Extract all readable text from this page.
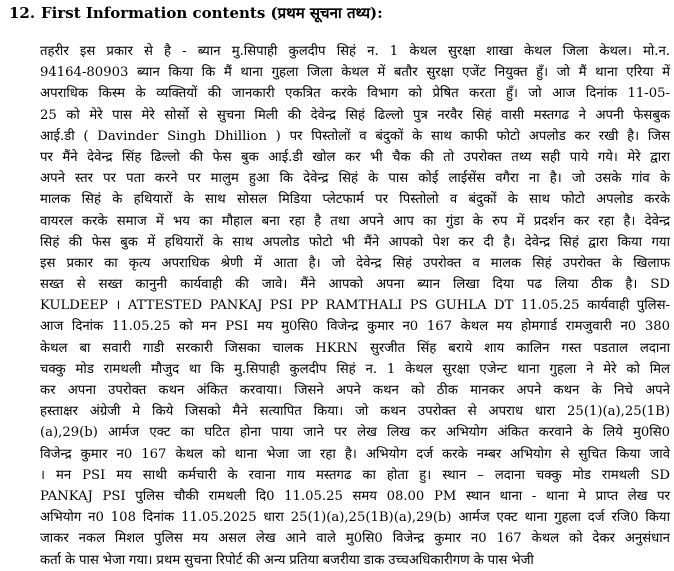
12. First Information contents (प्रथम सूचना तथ्य):
तहरीर इस प्रकार से है - ब्यान मु.सिपाही कुलदीप सिहं न. 1 केथल सुरक्षा शाखा केथल जिला केथल। मो.न.
94164-80903 ब्यान किया कि मैं थाना गुहला जिला केथल में बतौर सुरक्षा एजेंट नियुक्त हुँ। जो मैं थाना एरिया में
अपराधिक किस्म के व्यक्तियों की जानकारी एकत्रित करके विभाग को प्रेषित करता हुँ। जो आज दिनांक 11-05-
25 को मेरे पास मेरे सोर्सो से सुचना मिली की देवेन्द्र सिहं ढिल्लो पुत्र नरवैर सिहं वासी मस्तगढ ने अपनी फेसबुक
आई.डी ( Davinder Singh Dhillion ) पर पिस्तोलों व बंदुकों के साथ काफी फोटो अपलोड कर रखी है। जिस
पर मैंने देवेन्द्र सिंह ढिल्लो की फेस बुक आई.डी खोल कर भी चैक की तो उपरोक्त तथ्य सही पाये गये। मेरे द्वारा
अपने स्तर पर पता करने पर मालुम हुआ कि देवेन्द्र सिहं के पास कोई लाईसेंस वगैरा ना है। जो उसके गांव के
मालक सिहं के हथियारों के साथ सोसल मिडिया प्लेटफार्म पर पिस्तोलो व बंदुकों के साथ फोटो अपलोड करके
वायरल करके समाज में भय का मौहाल बना रहा है तथा अपने आप का गुंडा के रुप में प्रदर्शन कर रहा है। देवेन्द्र
सिहं की फेस बुक में हथियारों के साथ अपलोड फोटो भी मैंने आपको पेश कर दी है। देवेन्द्र सिहं द्वारा किया गया
इस प्रकार का कृत्य अपराधिक श्रेणी में आता है। जो देवेन्द्र सिहं उपरोक्त व मालक सिहं उपरोक्त के खिलाफ
सख्त से सख्त कानुनी कार्यवाही की जावे। मैंने आपको अपना ब्यान लिखा दिया पढ लिया ठीक है। SD
KULDEEP । ATTESTED PANKAJ PSI PP RAMTHALI PS GUHLA DT 11.05.25 कार्यवाही पुलिस-
आज दिनांक 11.05.25 को मन PSI मय मु0सि0 विजेन्द्र कुमार न0 167 केथल मय होमगार्ड रामजुवारी न0 380
केथल बा सवारी गाडी सरकारी जिसका चालक HKRN सुरजीत सिंह बराये शाय कालिन गस्त पडताल लदाना
चक्कु मोड रामथली मौजुद था कि मु.सिपाही कुलदीप सिहं न. 1 केथल सुरक्षा एजेन्ट थाना गुहला ने मेरे को मिल
कर अपना उपरोक्त कथन अंकित करवाया। जिसने अपने कथन को ठीक मानकर अपने कथन के निचे अपने
हस्ताक्षर अंग्रेजी मे किये जिसको मैने सत्यापित किया। जो कथन उपरोक्त से अपराध धारा 25(1)(a),25(1B)
(a),29(b) आर्मज एक्ट का घटित होना पाया जाने पर लेख लिख कर अभियोग अंकित करवाने के लिये मु0सि0
विजेन्द्र कुमार न0 167 केथल को थाना भेजा जा रहा है। अभियोग दर्ज करके नम्बर अभियोग से सुचित किया जावे
। मन PSI मय साथी कर्मचारी के रवाना गाय मस्तगढ का होता हु। स्थान – लदाना चक्कु मोड रामथली SD
PANKAJ PSI पुलिस चौकी रामथली दि0 11.05.25 समय 08.00 PM स्थान थाना - थाना मे प्राप्त लेख पर
अभियोग न0 108 दिनांक 11.05.2025 धारा 25(1)(a),25(1B)(a),29(b) आर्मज एक्ट थाना गुहला दर्ज रजि0 किया
जाकर नकल मिशल पुलिस मय असल लेख आने वाले मु0सि0 विजेन्द्र कुमार न0 167 केथल को देकर अनुसंधान
कर्ता के पास भेजा गया। प्रथम सुचना रिपोर्ट की अन्य प्रतिया बजरीया डाक उच्चअधिकारीगण के पास भेजी
